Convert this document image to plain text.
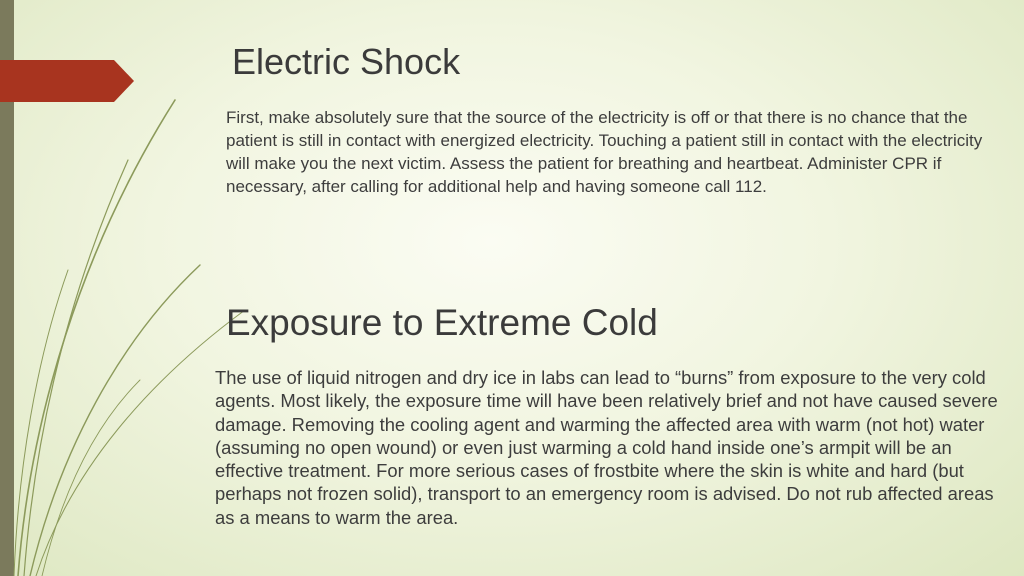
Electric Shock

First, make absolutely sure that the source of the electricity is off or that there is no chance that the patient is still in contact with energized electricity. Touching a patient still in contact with the electricity will make you the next victim. Assess the patient for breathing and heartbeat. Administer CPR if necessary, after calling for additional help and having someone call 112.

Exposure to Extreme Cold

The use of liquid nitrogen and dry ice in labs can lead to “burns” from exposure to the very cold agents. Most likely, the exposure time will have been relatively brief and not have caused severe damage. Removing the cooling agent and warming the affected area with warm (not hot) water (assuming no open wound) or even just warming a cold hand inside one’s armpit will be an effective treatment. For more serious cases of frostbite where the skin is white and hard (but perhaps not frozen solid), transport to an emergency room is advised. Do not rub affected areas as a means to warm the area.
